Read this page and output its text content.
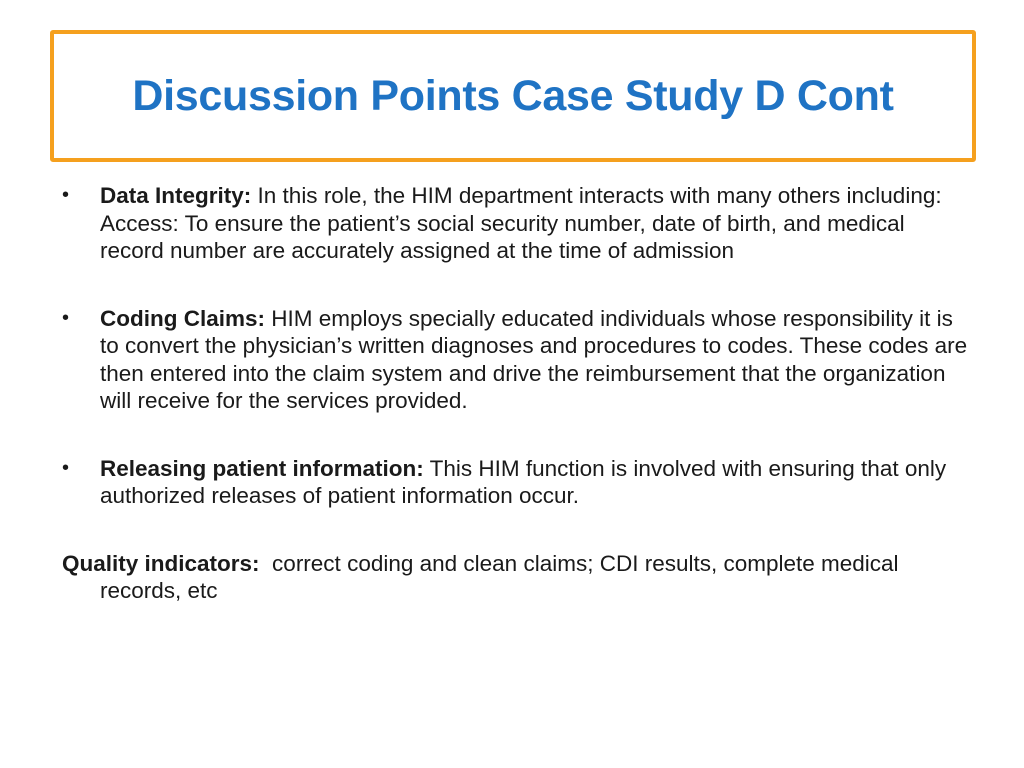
Discussion Points Case Study D Cont
•	Data Integrity: In this role, the HIM department interacts with many others including: Access: To ensure the patient’s social security number, date of birth, and medical record number are accurately assigned at the time of admission
•	Coding Claims: HIM employs specially educated individuals whose responsibility it is to convert the physician’s written diagnoses and procedures to codes. These codes are then entered into the claim system and drive the reimbursement that the organization will receive for the services provided.
•	Releasing patient information: This HIM function is involved with ensuring that only authorized releases of patient information occur.
Quality indicators:  correct coding and clean claims; CDI results, complete medical records, etc
